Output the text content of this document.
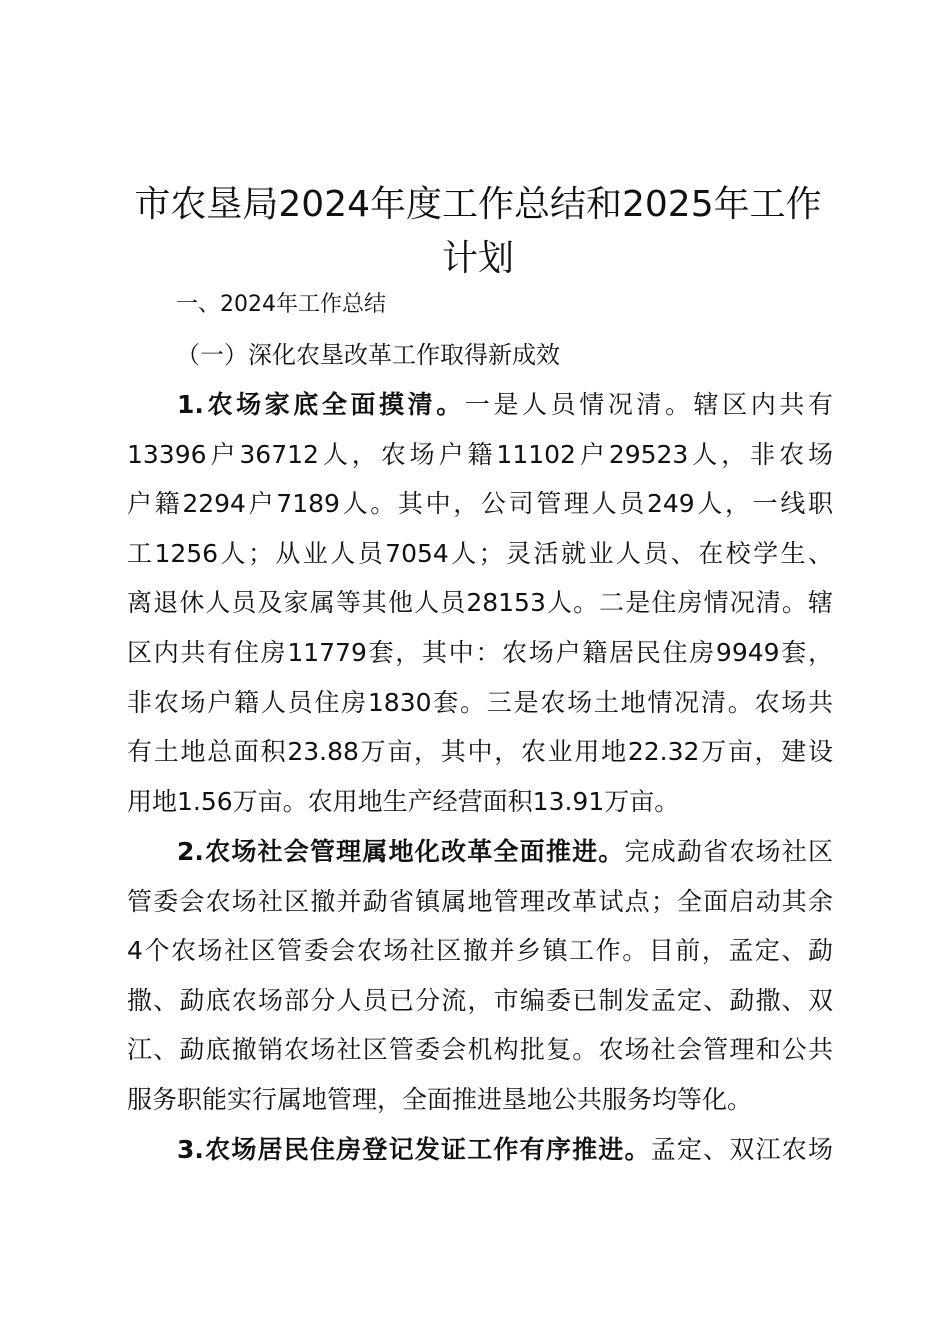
市农垦局2024年度工作总结和2025年工作
计划

一、2024年工作总结

（一）深化农垦改革工作取得新成效

1.农场家底全面摸清。一是人员情况清。辖区内共有
13396户36712人，农场户籍11102户29523人，非农场
户籍2294户7189人。其中，公司管理人员249人，一线职
工1256人；从业人员7054人；灵活就业人员、在校学生、
离退休人员及家属等其他人员28153人。二是住房情况清。辖
区内共有住房11779套，其中：农场户籍居民住房9949套，
非农场户籍人员住房1830套。三是农场土地情况清。农场共
有土地总面积23.88万亩，其中，农业用地22.32万亩，建设
用地1.56万亩。农用地生产经营面积13.91万亩。
2.农场社会管理属地化改革全面推进。完成勐省农场社区
管委会农场社区撤并勐省镇属地管理改革试点；全面启动其余
4个农场社区管委会农场社区撤并乡镇工作。目前，孟定、勐
撒、勐底农场部分人员已分流，市编委已制发孟定、勐撒、双
江、勐底撤销农场社区管委会机构批复。农场社会管理和公共
服务职能实行属地管理，全面推进垦地公共服务均等化。
3.农场居民住房登记发证工作有序推进。孟定、双江农场
